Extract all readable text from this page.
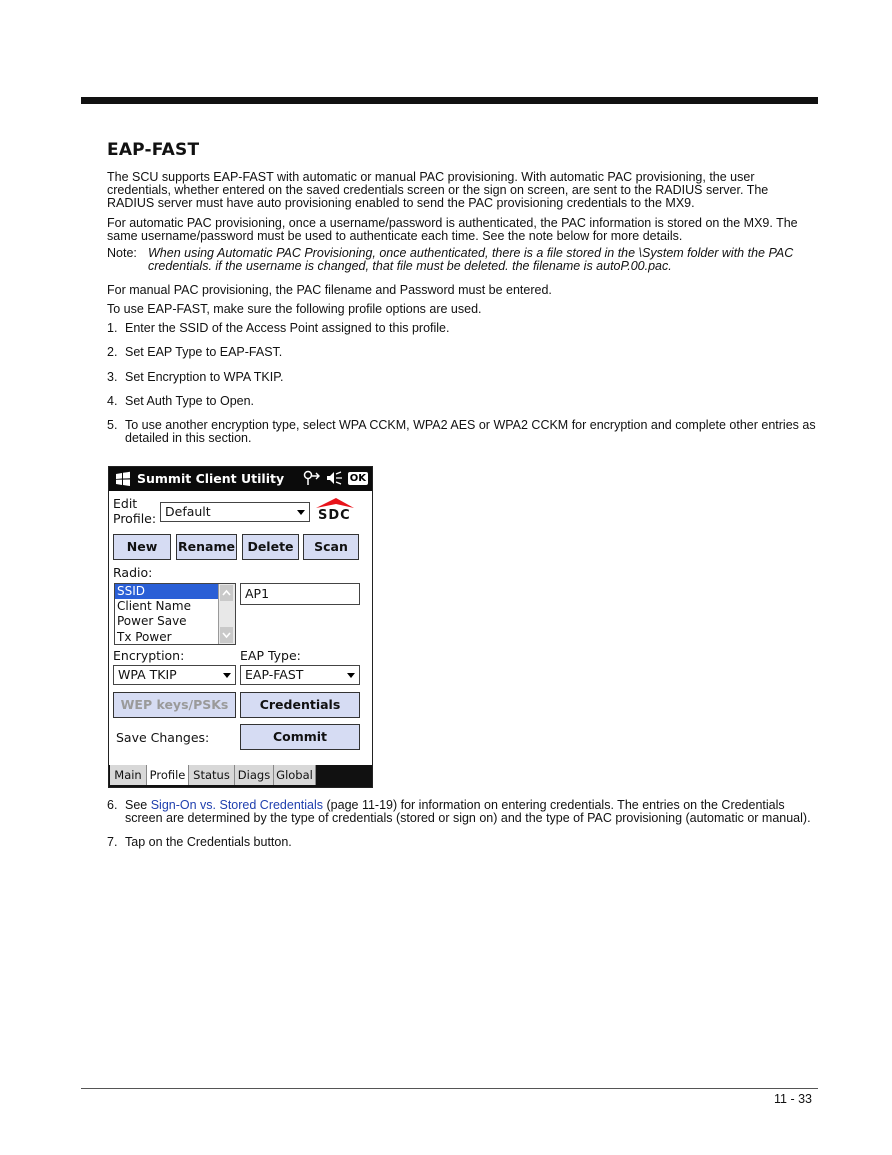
EAP-FAST

The SCU supports EAP-FAST with automatic or manual PAC provisioning. With automatic PAC provisioning, the user credentials, whether entered on the saved credentials screen or the sign on screen, are sent to the RADIUS server. The RADIUS server must have auto provisioning enabled to send the PAC provisioning credentials to the MX9.

For automatic PAC provisioning, once a username/password is authenticated, the PAC information is stored on the MX9. The same username/password must be used to authenticate each time. See the note below for more details.

Note: When using Automatic PAC Provisioning, once authenticated, there is a file stored in the \System folder with the PAC credentials. if the username is changed, that file must be deleted. the filename is autoP.00.pac.

For manual PAC provisioning, the PAC filename and Password must be entered.

To use EAP-FAST, make sure the following profile options are used.

1. Enter the SSID of the Access Point assigned to this profile.
2. Set EAP Type to EAP-FAST.
3. Set Encryption to WPA TKIP.
4. Set Auth Type to Open.
5. To use another encryption type, select WPA CCKM, WPA2 AES or WPA2 CCKM for encryption and complete other entries as detailed in this section.
Summit Client Utility	OK
Edit
Profile: Default	SDC
New	Rename Delete	Scan
Radio:
SSID
Client Name
Power Save
Tx Power
AP1
Encryption:	EAP Type:
WPA TKIP	EAP-FAST
WEP keys/PSKs	Credentials
Save Changes:	Commit
Main Profile Status Diags Global
6. See Sign-On vs. Stored Credentials (page 11-19) for information on entering credentials. The entries on the Credentials screen are determined by the type of credentials (stored or sign on) and the type of PAC provisioning (automatic or manual).
7. Tap on the Credentials button.
11 - 33
